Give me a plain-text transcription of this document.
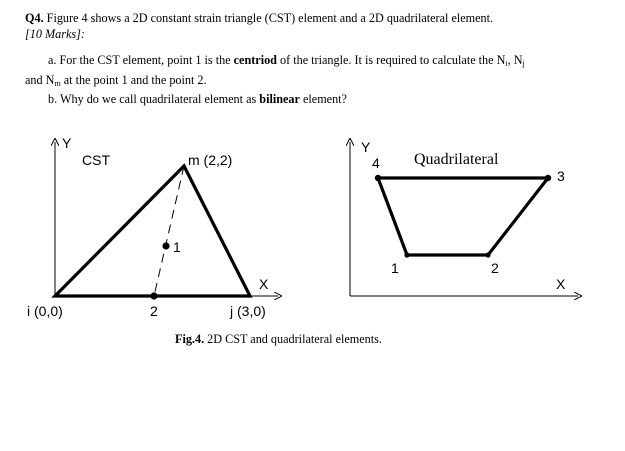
Q4. Figure 4 shows a 2D constant strain triangle (CST) element and a 2D quadrilateral element.
[10 Marks]:
a. For the CST element, point 1 is the centriod of the triangle. It is required to calculate the $N_i$, $N_j$
and $N_m$ at the point 1 and the point 2.
b. Why do we call quadrilateral element as bilinear element?
Y
X
CST	m (2,2)
1
i (0,0)	2	j (3,0)
Y
X
Quadrilateral
4
3
1	2
Fig.4. 2D CST and quadrilateral elements.
